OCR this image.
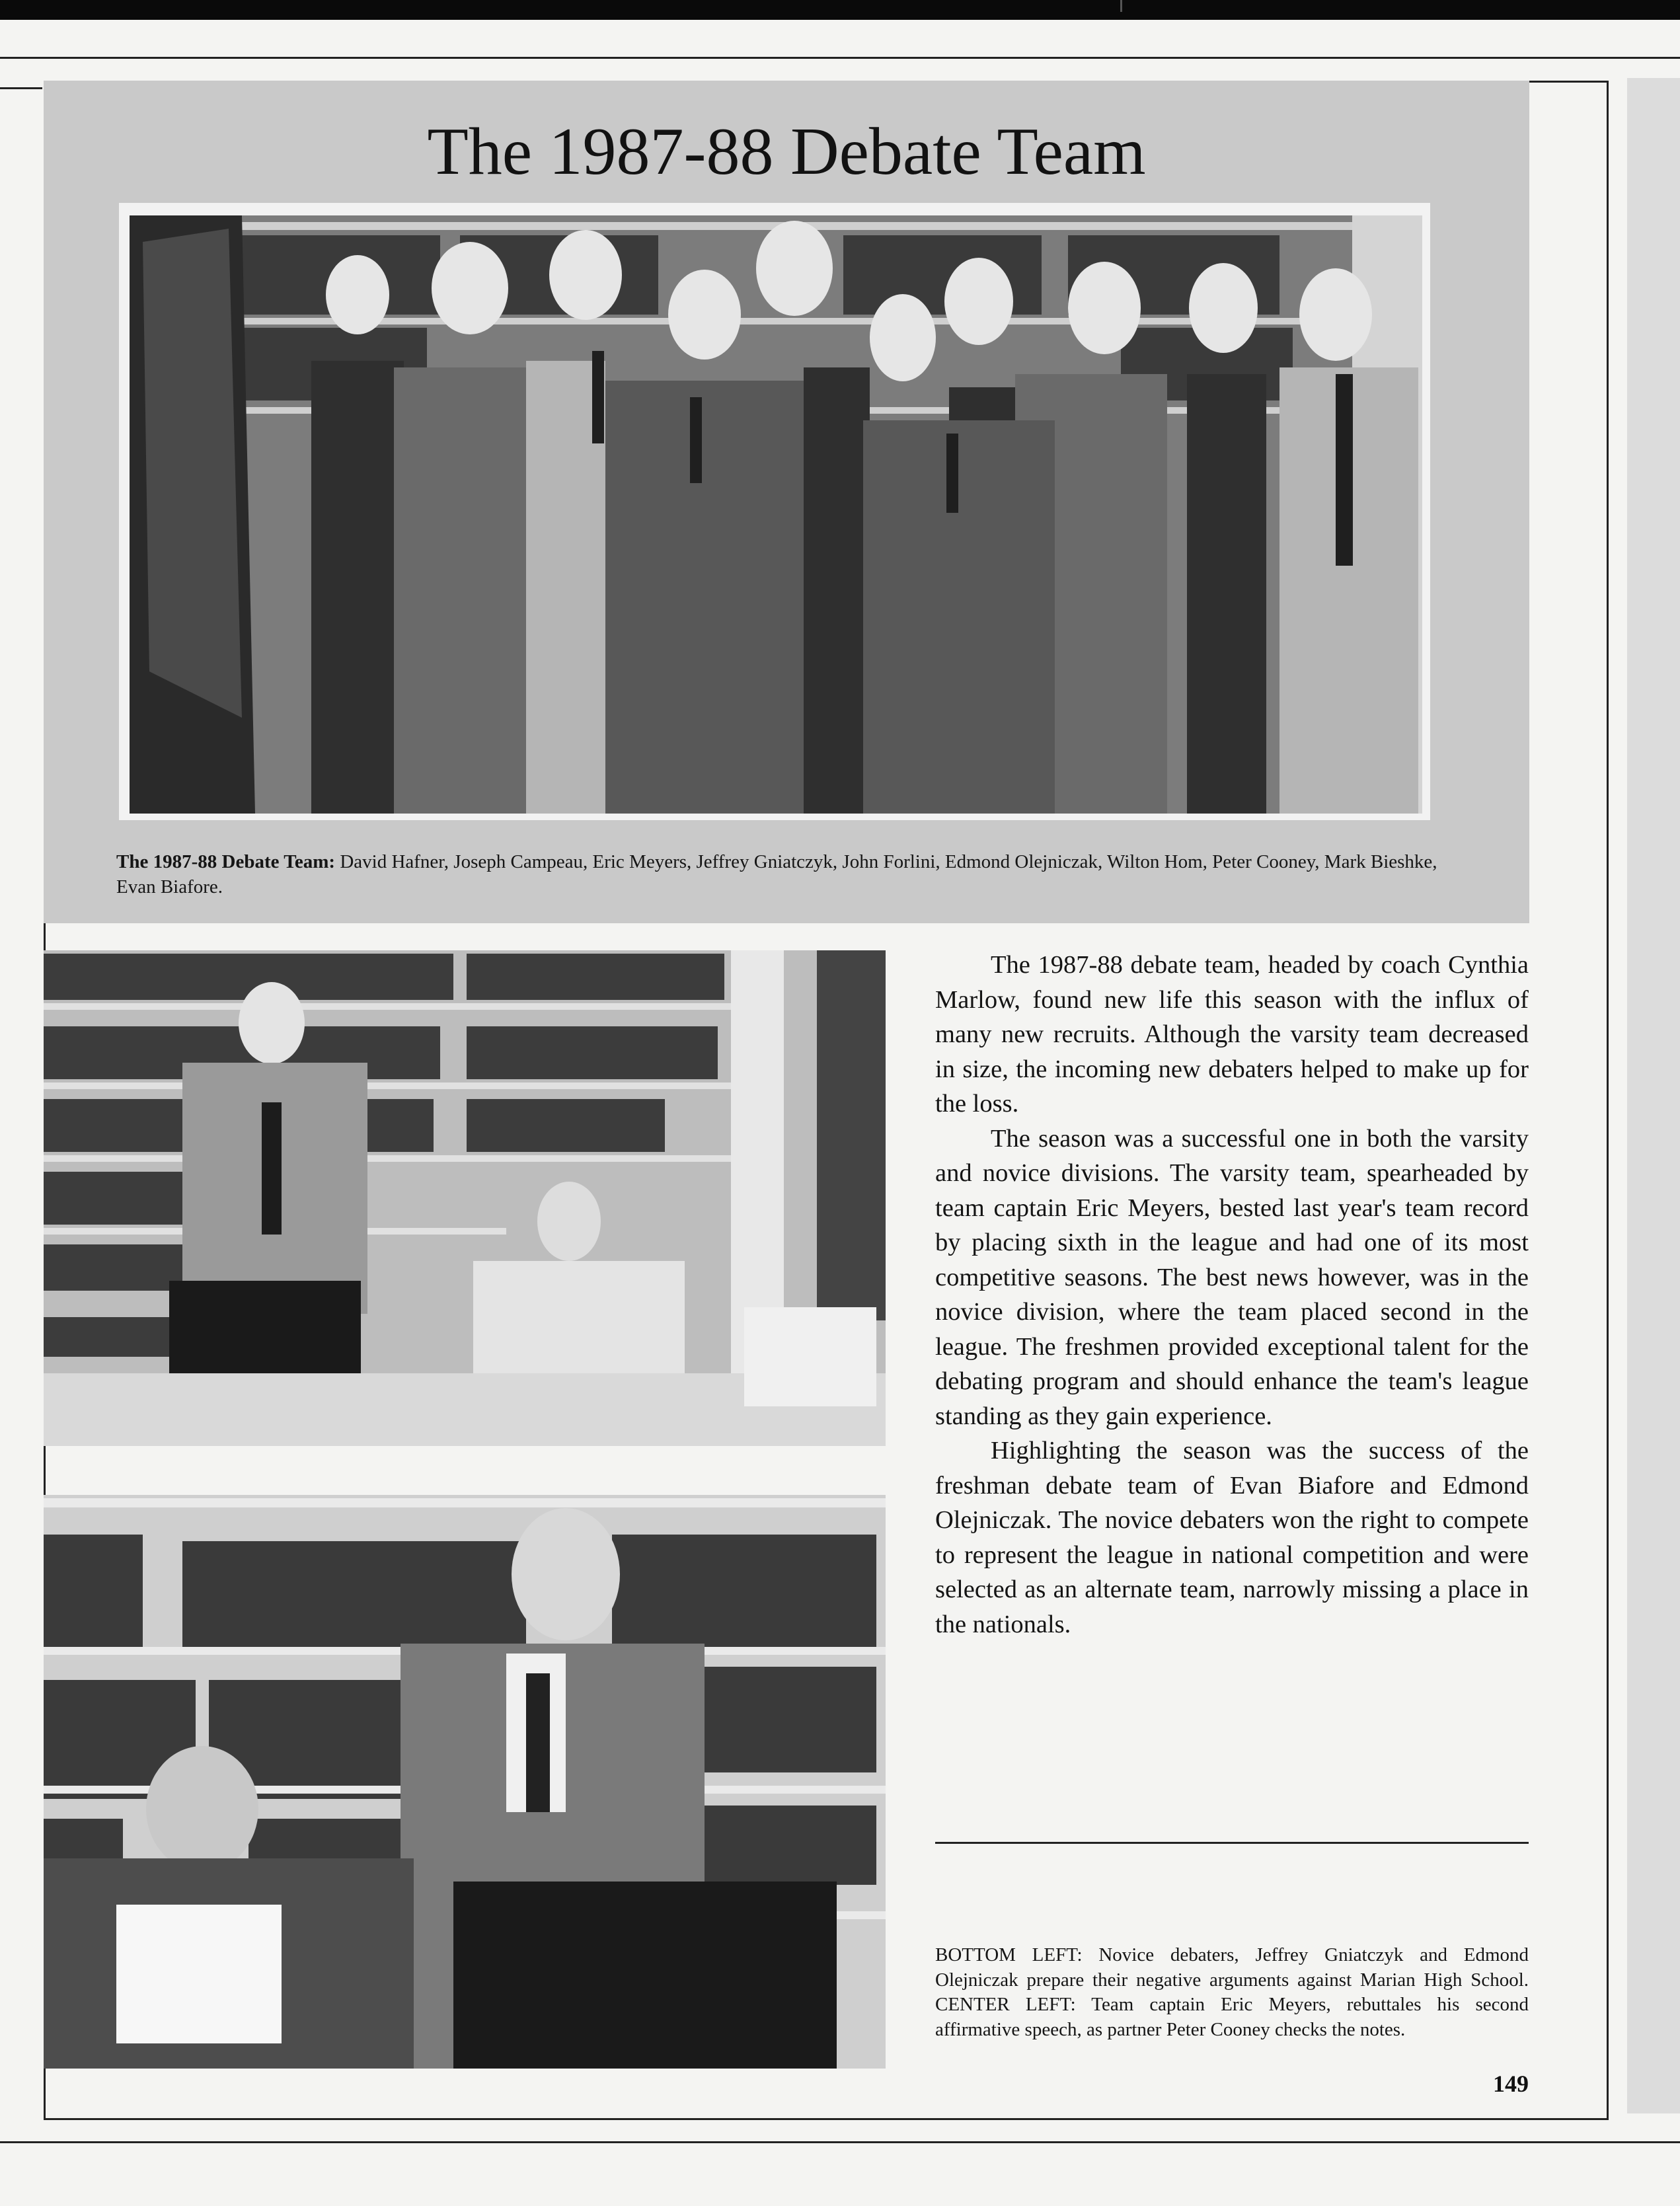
The 1987-88 Debate Team
The 1987-88 Debate Team: David Hafner, Joseph Campeau, Eric Meyers, Jeffrey Gniatczyk, John Forlini, Edmond Olejniczak, Wilton Hom, Peter Cooney, Mark Bieshke, Evan Biafore.

The 1987-88 debate team, headed by coach Cynthia Marlow, found new life this season with the influx of many new recruits. Although the varsity team decreased in size, the incoming new debaters helped to make up for the loss.

The season was a successful one in both the varsity and novice divisions. The varsity team, spearheaded by team captain Eric Meyers, bested last year's team record by placing sixth in the league and had one of its most competitive seasons. The best news however, was in the novice division, where the team placed second in the league. The freshmen provided exceptional talent for the debating program and should enhance the team's league standing as they gain experience.

Highlighting the season was the success of the freshman debate team of Evan Biafore and Edmond Olejniczak. The novice debaters won the right to compete to represent the league in national competition and were selected as an alternate team, narrowly missing a place in the nationals.

BOTTOM LEFT: Novice debaters, Jeffrey Gniatczyk and Edmond Olejniczak prepare their negative arguments against Marian High School. CENTER LEFT: Team captain Eric Meyers, rebuttales his second affirmative speech, as partner Peter Cooney checks the notes.
149
